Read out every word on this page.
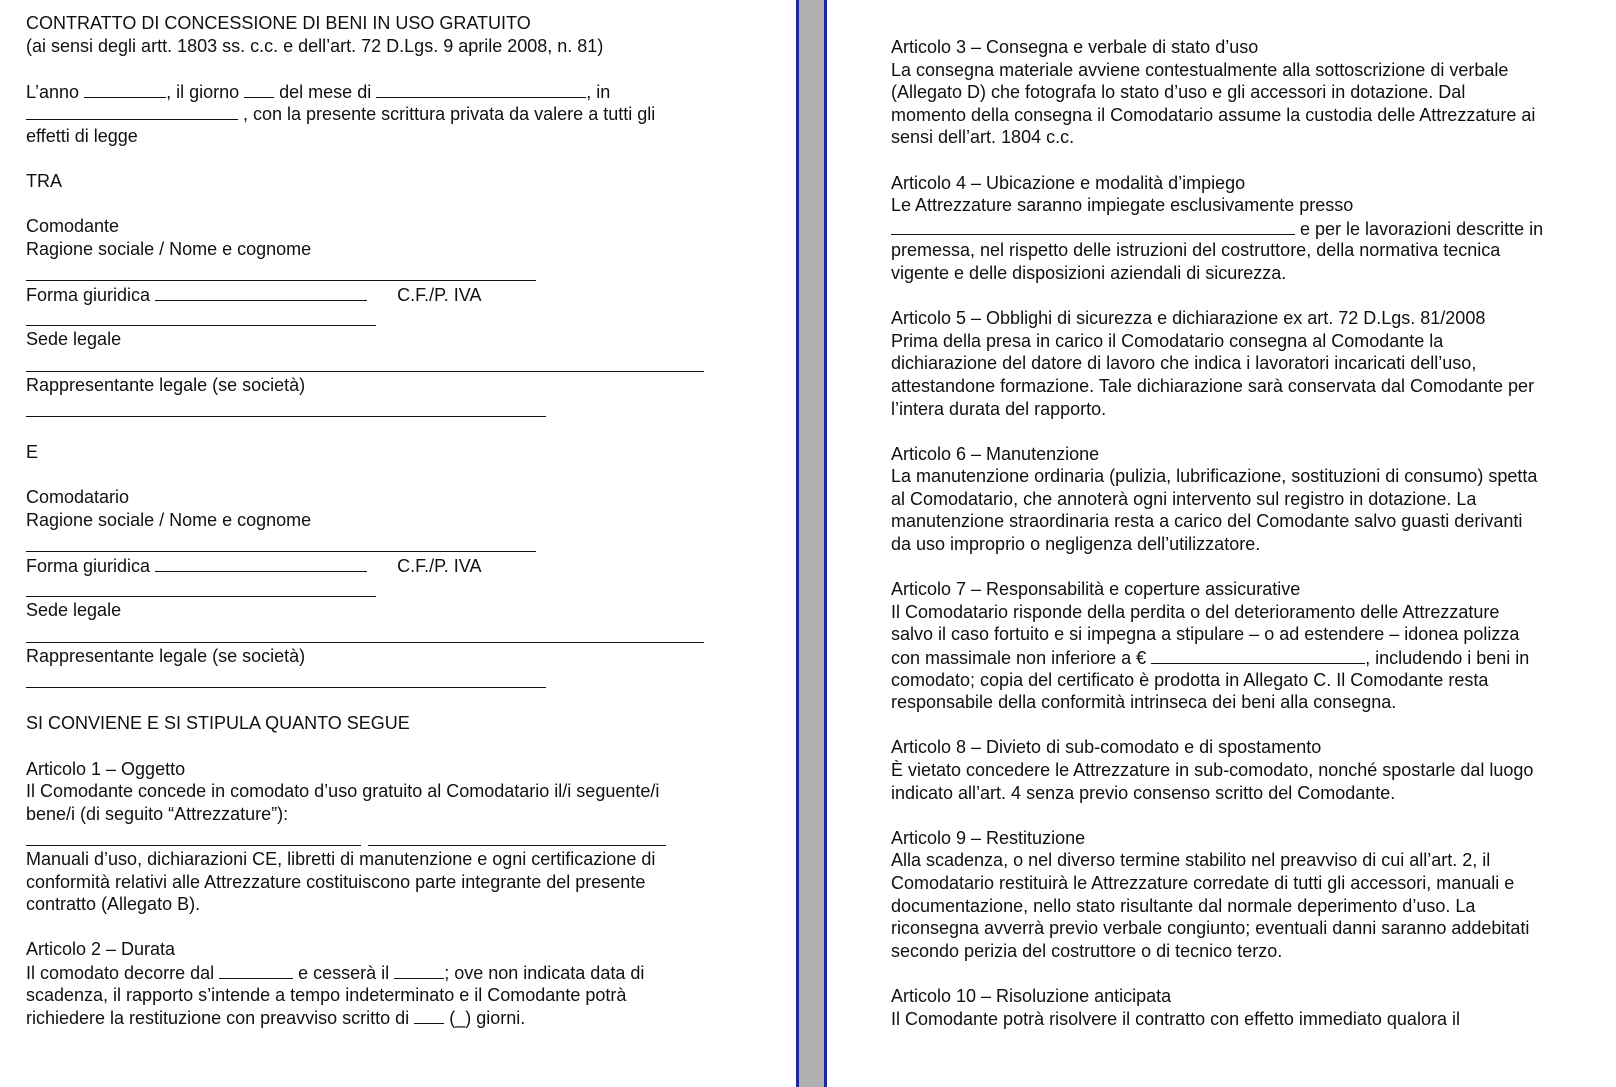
CONTRATTO DI CONCESSIONE DI BENI IN USO GRATUITO
(ai sensi degli artt. 1803 ss. c.c. e dell’art. 72 D.Lgs. 9 aprile 2008, n. 81)
L’anno	, il giorno del mese di	, in
, con la presente scrittura privata da valere a tutti gli
effetti di legge
TRA
Comodante
Ragione sociale / Nome e cognome
Forma giuridica	C.F./P. IVA
Sede legale
Rappresentante legale (se società)
E
Comodatario
Ragione sociale / Nome e cognome
Forma giuridica	C.F./P. IVA
Sede legale
Rappresentante legale (se società)
SI CONVIENE E SI STIPULA QUANTO SEGUE
Articolo 1 – Oggetto
Il Comodante concede in comodato d’uso gratuito al Comodatario il/i seguente/i
bene/i (di seguito “Attrezzature”):
Manuali d’uso, dichiarazioni CE, libretti di manutenzione e ogni certificazione di
conformità relativi alle Attrezzature costituiscono parte integrante del presente
contratto (Allegato B).
Articolo 2 – Durata
Il comodato decorre dal	e cesserà il	; ove non indicata data di
scadenza, il rapporto s’intende a tempo indeterminato e il Comodante potrà
richiedere la restituzione con preavviso scritto di (_) giorni.
Articolo 3 – Consegna e verbale di stato d’uso
La consegna materiale avviene contestualmente alla sottoscrizione di verbale
(Allegato D) che fotografa lo stato d’uso e gli accessori in dotazione. Dal
momento della consegna il Comodatario assume la custodia delle Attrezzature ai
sensi dell’art. 1804 c.c.
Articolo 4 – Ubicazione e modalità d’impiego
Le Attrezzature saranno impiegate esclusivamente presso
e per le lavorazioni descritte in
premessa, nel rispetto delle istruzioni del costruttore, della normativa tecnica
vigente e delle disposizioni aziendali di sicurezza.
Articolo 5 – Obblighi di sicurezza e dichiarazione ex art. 72 D.Lgs. 81/2008
Prima della presa in carico il Comodatario consegna al Comodante la
dichiarazione del datore di lavoro che indica i lavoratori incaricati dell’uso,
attestandone formazione. Tale dichiarazione sarà conservata dal Comodante per
l’intera durata del rapporto.
Articolo 6 – Manutenzione
La manutenzione ordinaria (pulizia, lubrificazione, sostituzioni di consumo) spetta
al Comodatario, che annoterà ogni intervento sul registro in dotazione. La
manutenzione straordinaria resta a carico del Comodante salvo guasti derivanti
da uso improprio o negligenza dell’utilizzatore.
Articolo 7 – Responsabilità e coperture assicurative
Il Comodatario risponde della perdita o del deterioramento delle Attrezzature
salvo il caso fortuito e si impegna a stipulare – o ad estendere – idonea polizza
con massimale non inferiore a €	, includendo i beni in
comodato; copia del certificato è prodotta in Allegato C. Il Comodante resta
responsabile della conformità intrinseca dei beni alla consegna.
Articolo 8 – Divieto di sub-comodato e di spostamento
È vietato concedere le Attrezzature in sub-comodato, nonché spostarle dal luogo
indicato all’art. 4 senza previo consenso scritto del Comodante.
Articolo 9 – Restituzione
Alla scadenza, o nel diverso termine stabilito nel preavviso di cui all’art. 2, il
Comodatario restituirà le Attrezzature corredate di tutti gli accessori, manuali e
documentazione, nello stato risultante dal normale deperimento d’uso. La
riconsegna avverrà previo verbale congiunto; eventuali danni saranno addebitati
secondo perizia del costruttore o di tecnico terzo.
Articolo 10 – Risoluzione anticipata
Il Comodante potrà risolvere il contratto con effetto immediato qualora il
